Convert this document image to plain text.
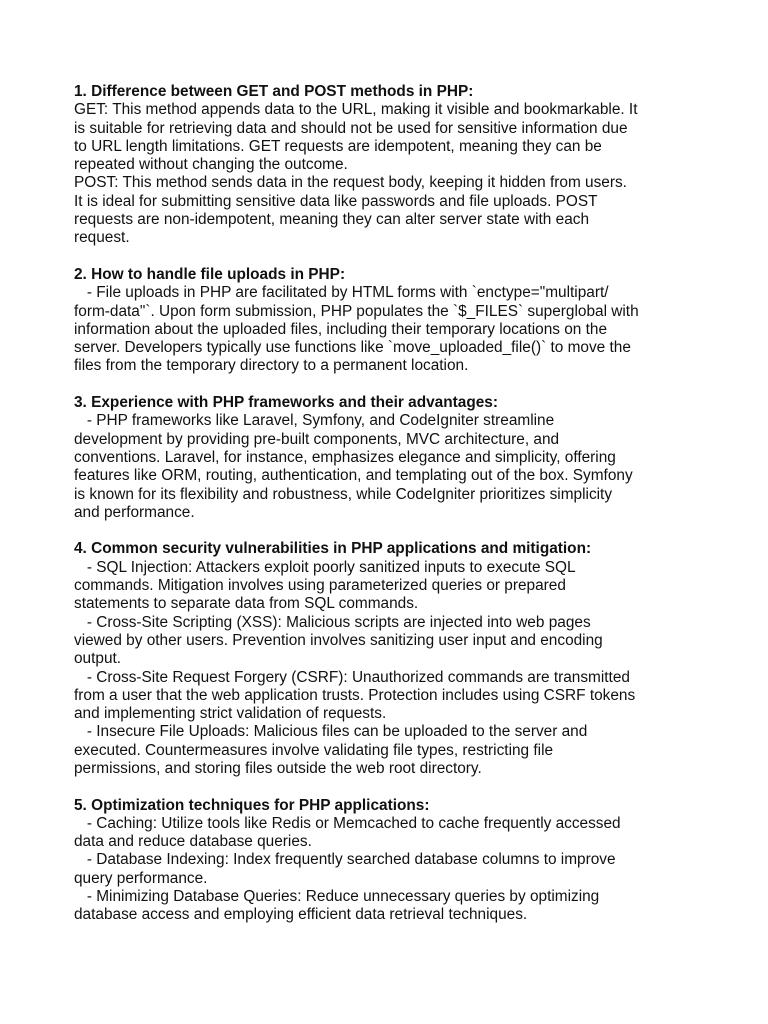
1. Difference between GET and POST methods in PHP:
GET: This method appends data to the URL, making it visible and bookmarkable. It
is suitable for retrieving data and should not be used for sensitive information due
to URL length limitations. GET requests are idempotent, meaning they can be
repeated without changing the outcome.
POST: This method sends data in the request body, keeping it hidden from users.
It is ideal for submitting sensitive data like passwords and file uploads. POST
requests are non-idempotent, meaning they can alter server state with each
request.
2. How to handle file uploads in PHP:
- File uploads in PHP are facilitated by HTML forms with `enctype="multipart/
form-data"`. Upon form submission, PHP populates the `$_FILES` superglobal with
information about the uploaded files, including their temporary locations on the
server. Developers typically use functions like `move_uploaded_file()` to move the
files from the temporary directory to a permanent location.
3. Experience with PHP frameworks and their advantages:
- PHP frameworks like Laravel, Symfony, and CodeIgniter streamline
development by providing pre-built components, MVC architecture, and
conventions. Laravel, for instance, emphasizes elegance and simplicity, offering
features like ORM, routing, authentication, and templating out of the box. Symfony
is known for its flexibility and robustness, while CodeIgniter prioritizes simplicity
and performance.
4. Common security vulnerabilities in PHP applications and mitigation:
- SQL Injection: Attackers exploit poorly sanitized inputs to execute SQL
commands. Mitigation involves using parameterized queries or prepared
statements to separate data from SQL commands.
- Cross-Site Scripting (XSS): Malicious scripts are injected into web pages
viewed by other users. Prevention involves sanitizing user input and encoding
output.
- Cross-Site Request Forgery (CSRF): Unauthorized commands are transmitted
from a user that the web application trusts. Protection includes using CSRF tokens
and implementing strict validation of requests.
- Insecure File Uploads: Malicious files can be uploaded to the server and
executed. Countermeasures involve validating file types, restricting file
permissions, and storing files outside the web root directory.
5. Optimization techniques for PHP applications:
- Caching: Utilize tools like Redis or Memcached to cache frequently accessed
data and reduce database queries.
- Database Indexing: Index frequently searched database columns to improve
query performance.
- Minimizing Database Queries: Reduce unnecessary queries by optimizing
database access and employing efficient data retrieval techniques.
